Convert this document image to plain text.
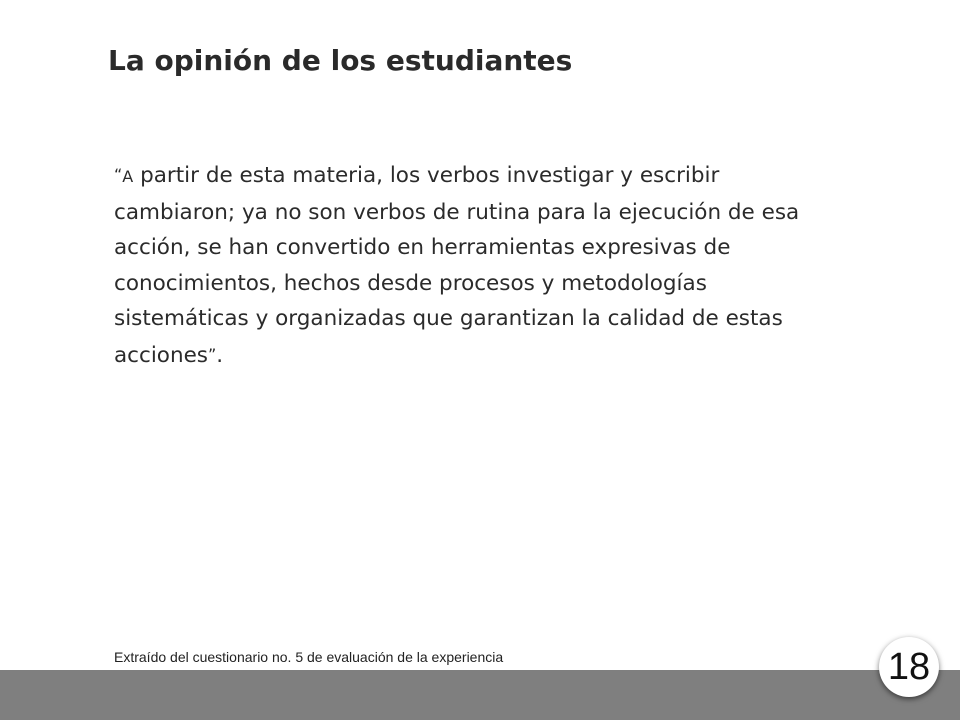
La opinión de los estudiantes

“A partir de esta materia, los verbos investigar y escribir cambiaron; ya no son verbos de rutina para la ejecución de esa acción, se han convertido en herramientas expresivas de conocimientos, hechos desde procesos y metodologías sistemáticas y organizadas que garantizan la calidad de estas acciones”.

Extraído del cuestionario no. 5 de evaluación de la experiencia	18
